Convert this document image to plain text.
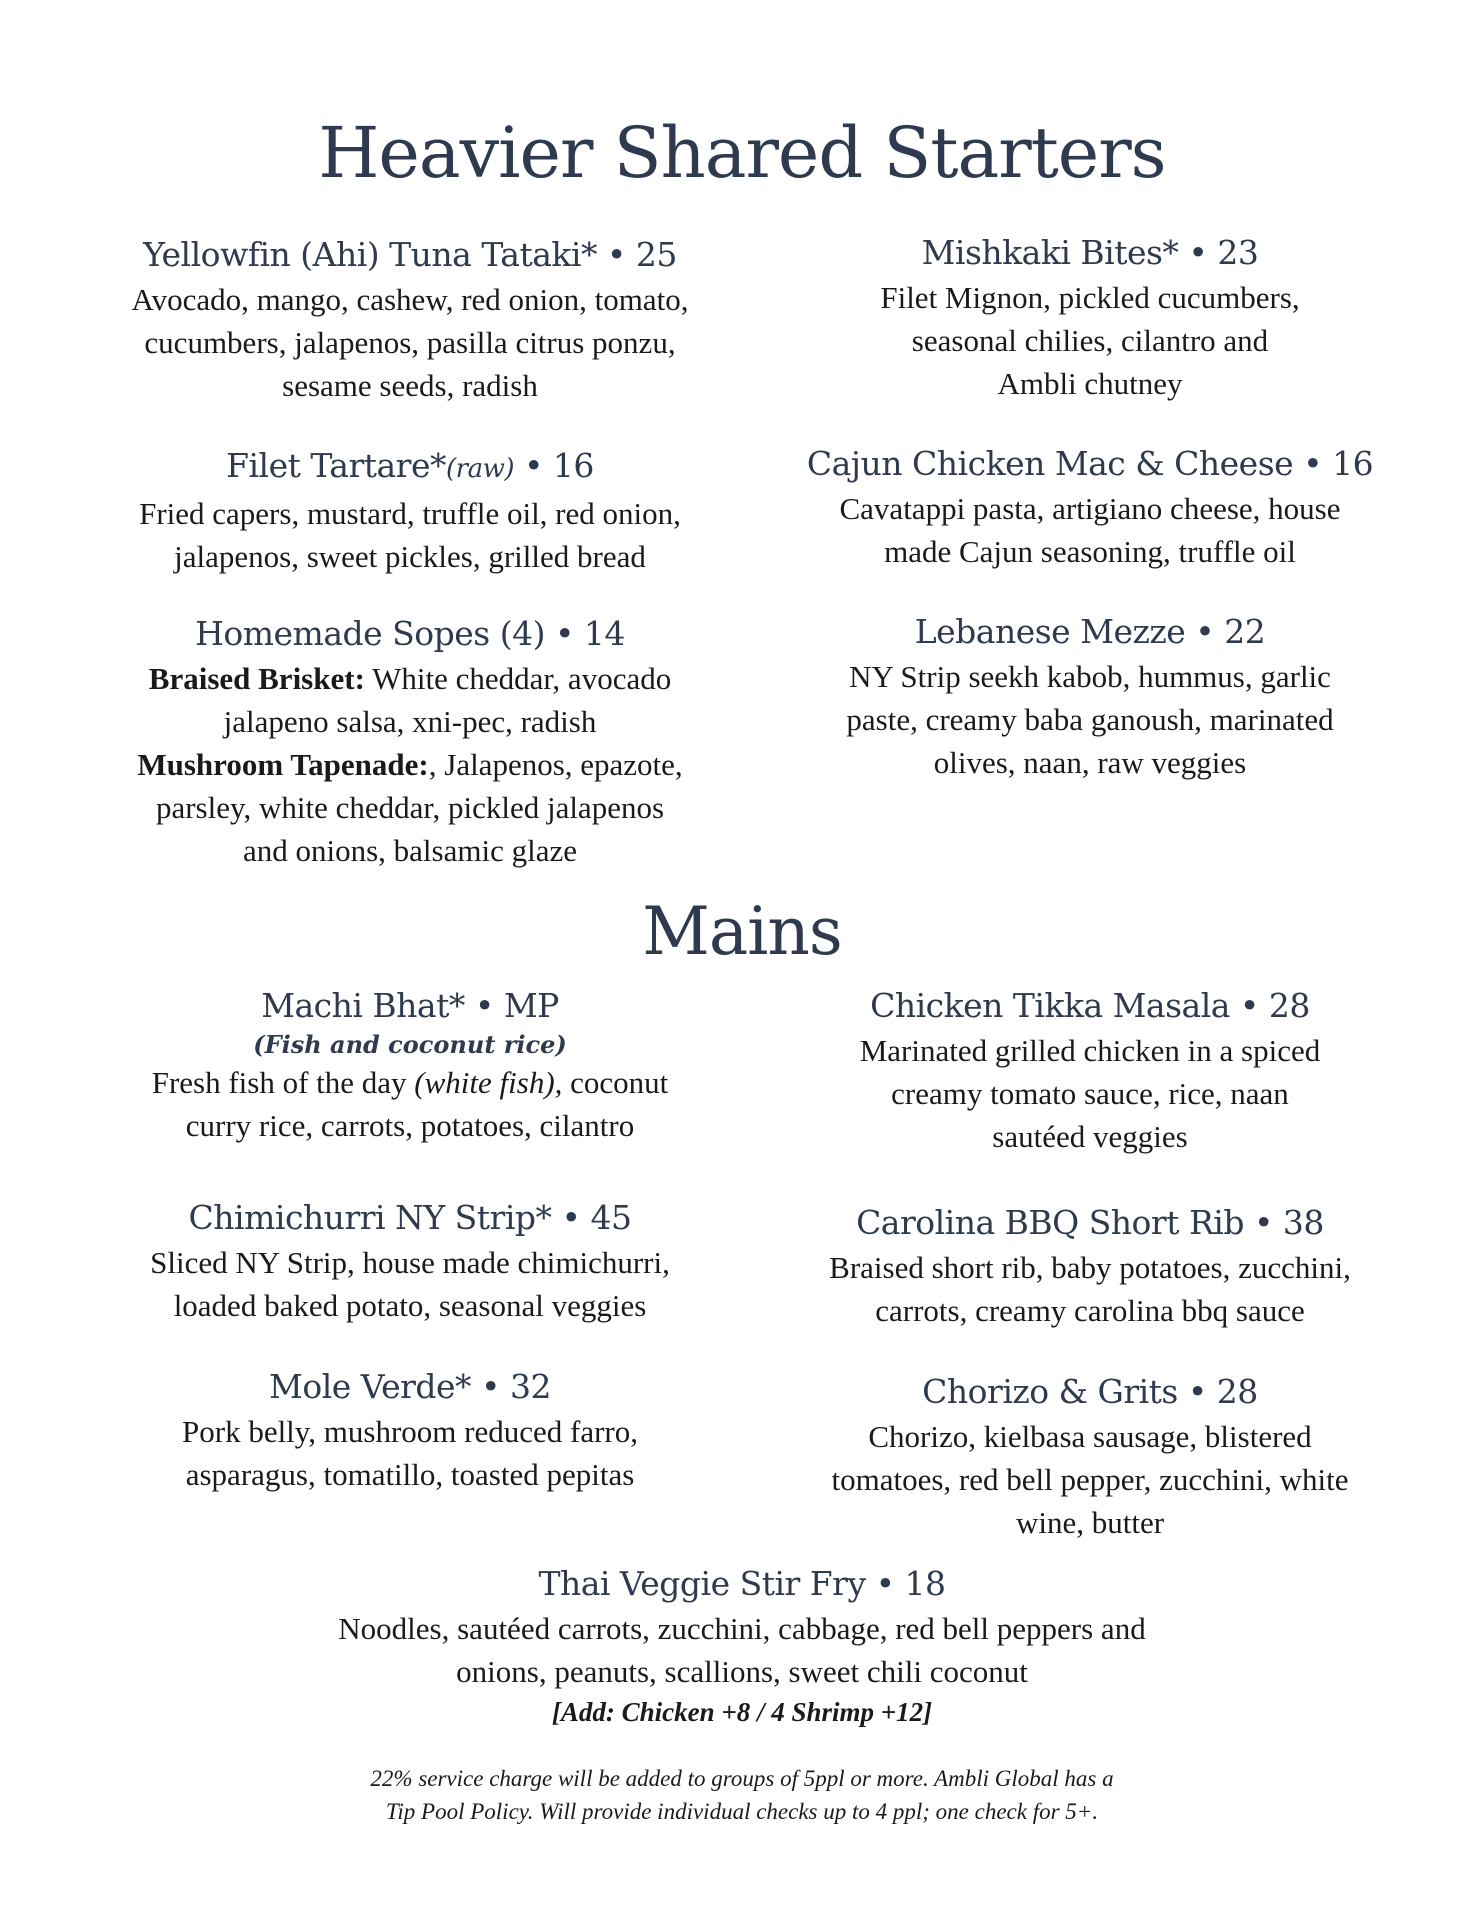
Heavier Shared Starters
Yellowfin (Ahi) Tuna Tataki* • 25
Avocado, mango, cashew, red onion, tomato,
cucumbers, jalapenos, pasilla citrus ponzu,
sesame seeds, radish
Mishkaki Bites* • 23
Filet Mignon, pickled cucumbers,
seasonal chilies, cilantro and
Ambli chutney
Filet Tartare*(raw) • 16
Fried capers, mustard, truffle oil, red onion,
jalapenos, sweet pickles, grilled bread
Cajun Chicken Mac & Cheese • 16
Cavatappi pasta, artigiano cheese, house
made Cajun seasoning, truffle oil
Homemade Sopes (4) • 14
Braised Brisket: White cheddar, avocado
jalapeno salsa, xni-pec, radish
Mushroom Tapenade:, Jalapenos, epazote,
parsley, white cheddar, pickled jalapenos
and onions, balsamic glaze
Lebanese Mezze • 22
NY Strip seekh kabob, hummus, garlic
paste, creamy baba ganoush, marinated
olives, naan, raw veggies
Mains
Machi Bhat* • MP
(Fish and coconut rice)
Fresh fish of the day (white fish), coconut
curry rice, carrots, potatoes, cilantro
Chicken Tikka Masala • 28
Marinated grilled chicken in a spiced
creamy tomato sauce, rice, naan
sautéed veggies
Chimichurri NY Strip* • 45
Sliced NY Strip, house made chimichurri,
loaded baked potato, seasonal veggies
Carolina BBQ Short Rib • 38
Braised short rib, baby potatoes, zucchini,
carrots, creamy carolina bbq sauce
Mole Verde* • 32
Pork belly, mushroom reduced farro,
asparagus, tomatillo, toasted pepitas
Chorizo & Grits • 28
Chorizo, kielbasa sausage, blistered
tomatoes, red bell pepper, zucchini, white
wine, butter
Thai Veggie Stir Fry • 18
Noodles, sautéed carrots, zucchini, cabbage, red bell peppers and
onions, peanuts, scallions, sweet chili coconut
[Add: Chicken +8 / 4 Shrimp +12]
22% service charge will be added to groups of 5ppl or more. Ambli Global has a
Tip Pool Policy. Will provide individual checks up to 4 ppl; one check for 5+.
